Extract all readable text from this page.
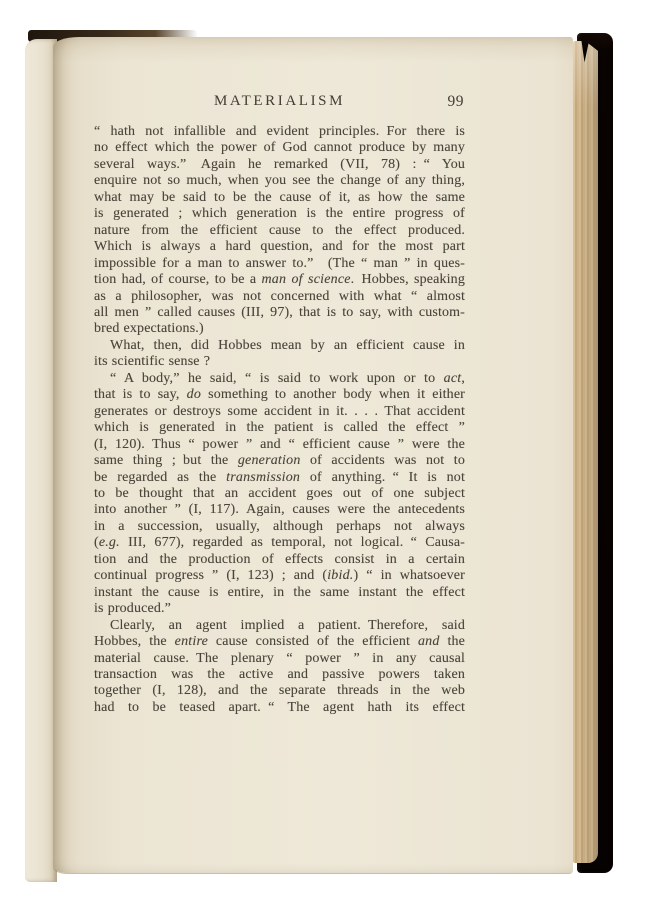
MATERIALISM	99
“ hath not infallible and evident principles. For there is
no effect which the power of God cannot produce by many
several ways.”  Again he remarked (VII, 78) : “ You
enquire not so much, when you see the change of any thing,
what may be said to be the cause of it, as how the same
is generated ; which generation is the entire progress of
nature from the efficient cause to the effect produced.
Which is always a hard question, and for the most part
impossible for a man to answer to.”  (The “ man ” in ques-
tion had, of course, to be a man of science. Hobbes, speaking
as a philosopher, was not concerned with what “ almost
all men ” called causes (III, 97), that is to say, with custom-
bred expectations.)
What, then, did Hobbes mean by an efficient cause in
its scientific sense ?
“ A body,” he said, “ is said to work upon or to act,
that is to say, do something to another body when it either
generates or destroys some accident in it. . . . That accident
which is generated in the patient is called the effect ”
(I, 120). Thus “ power ” and “ efficient cause ” were the
same thing ; but the generation of accidents was not to
be regarded as the transmission of anything. “ It is not
to be thought that an accident goes out of one subject
into another ” (I, 117). Again, causes were the antecedents
in a succession, usually, although perhaps not always
(e.g. III, 677), regarded as temporal, not logical. “ Causa-
tion and the production of effects consist in a certain
continual progress ” (I, 123) ; and (ibid.) “ in whatsoever
instant the cause is entire, in the same instant the effect
is produced.”
Clearly, an agent implied a patient. Therefore, said
Hobbes, the entire cause consisted of the efficient and the
material cause. The plenary “ power ” in any causal
transaction was the active and passive powers taken
together (I, 128), and the separate threads in the web
had to be teased apart. “ The agent hath its effect
